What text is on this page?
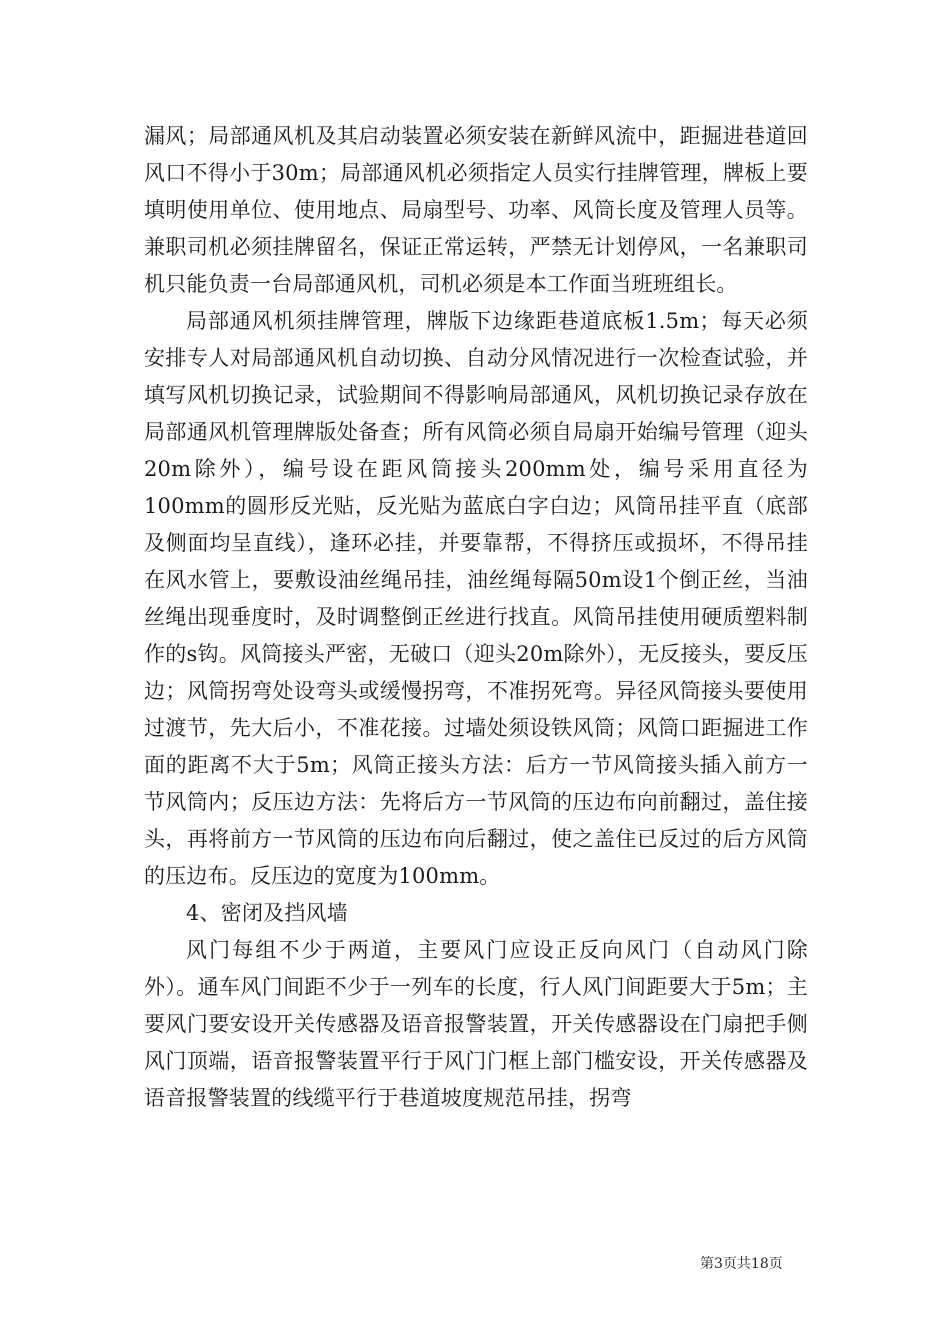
漏风；局部通风机及其启动装置必须安装在新鲜风流中，距掘进巷道回风口不得小于30m；局部通风机必须指定人员实行挂牌管理，牌板上要填明使用单位、使用地点、局扇型号、功率、风筒长度及管理人员等。兼职司机必须挂牌留名，保证正常运转，严禁无计划停风，一名兼职司机只能负责一台局部通风机，司机必须是本工作面当班班组长。

局部通风机须挂牌管理，牌版下边缘距巷道底板1.5m；每天必须安排专人对局部通风机自动切换、自动分风情况进行一次检查试验，并填写风机切换记录，试验期间不得影响局部通风，风机切换记录存放在局部通风机管理牌版处备查；所有风筒必须自局扇开始编号管理（迎头20m除外），编号设在距风筒接头200mm处，编号采用直径为100mm的圆形反光贴，反光贴为蓝底白字白边；风筒吊挂平直（底部及侧面均呈直线），逢环必挂，并要靠帮，不得挤压或损坏，不得吊挂在风水管上，要敷设油丝绳吊挂，油丝绳每隔50m设1个倒正丝，当油丝绳出现垂度时，及时调整倒正丝进行找直。风筒吊挂使用硬质塑料制作的s钩。风筒接头严密，无破口（迎头20m除外），无反接头，要反压边；风筒拐弯处设弯头或缓慢拐弯，不准拐死弯。异径风筒接头要使用过渡节，先大后小，不准花接。过墙处须设铁风筒；风筒口距掘进工作面的距离不大于5m；风筒正接头方法：后方一节风筒接头插入前方一节风筒内；反压边方法：先将后方一节风筒的压边布向前翻过，盖住接头，再将前方一节风筒的压边布向后翻过，使之盖住已反过的后方风筒的压边布。反压边的宽度为100mm。

4、密闭及挡风墙

风门每组不少于两道，主要风门应设正反向风门（自动风门除外）。通车风门间距不少于一列车的长度，行人风门间距要大于5m；主要风门要安设开关传感器及语音报警装置，开关传感器设在门扇把手侧风门顶端，语音报警装置平行于风门门框上部门槛安设，开关传感器及语音报警装置的线缆平行于巷道坡度规范吊挂，拐弯

第3页共18页
